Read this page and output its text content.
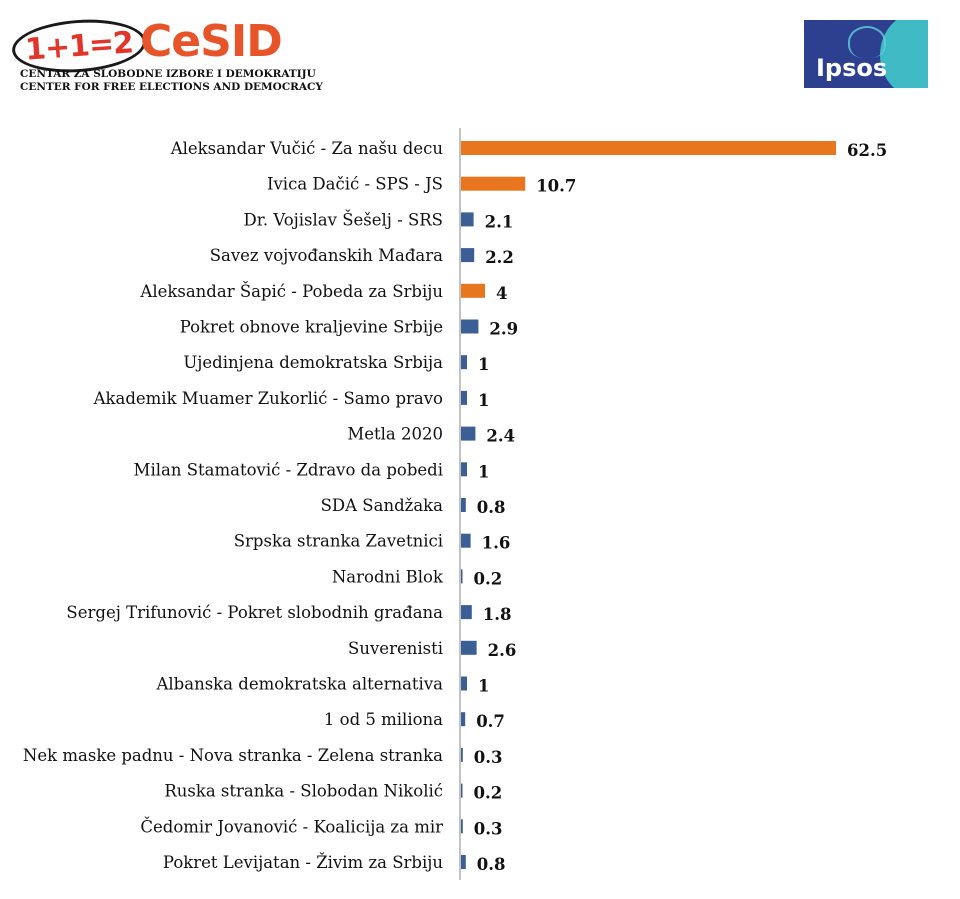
1+1=2 CeSID
CENTAR ZA SLOBODNE IZBORE I DEMOKRATIJU
CENTER FOR FREE ELECTIONS AND DEMOCRACY
Ipsos
Aleksandar Vučić - Za našu decu	62.5
Ivica Dačić - SPS - JS	10.7
Dr. Vojislav Šešelj - SRS	2.1
Savez vojvođanskih Mađara	2.2
Aleksandar Šapić - Pobeda za Srbiju	4
Pokret obnove kraljevine Srbije	2.9
Ujedinjena demokratska Srbija 1
Akademik Muamer Zukorlić - Samo pravo 1
Metla 2020	2.4
Milan Stamatović - Zdravo da pobedi 1
SDA Sandžaka 0.8
Srpska stranka Zavetnici 1.6
Narodni Blok 0.2
Sergej Trifunović - Pokret slobodnih građana 1.8
Suverenisti	2.6
Albanska demokratska alternativa 1
1 od 5 miliona 0.7
Nek maske padnu - Nova stranka - Zelena stranka 0.3
Ruska stranka - Slobodan Nikolić 0.2
Čedomir Jovanović - Koalicija za mir 0.3
Pokret Levijatan - Živim za Srbiju 0.8
